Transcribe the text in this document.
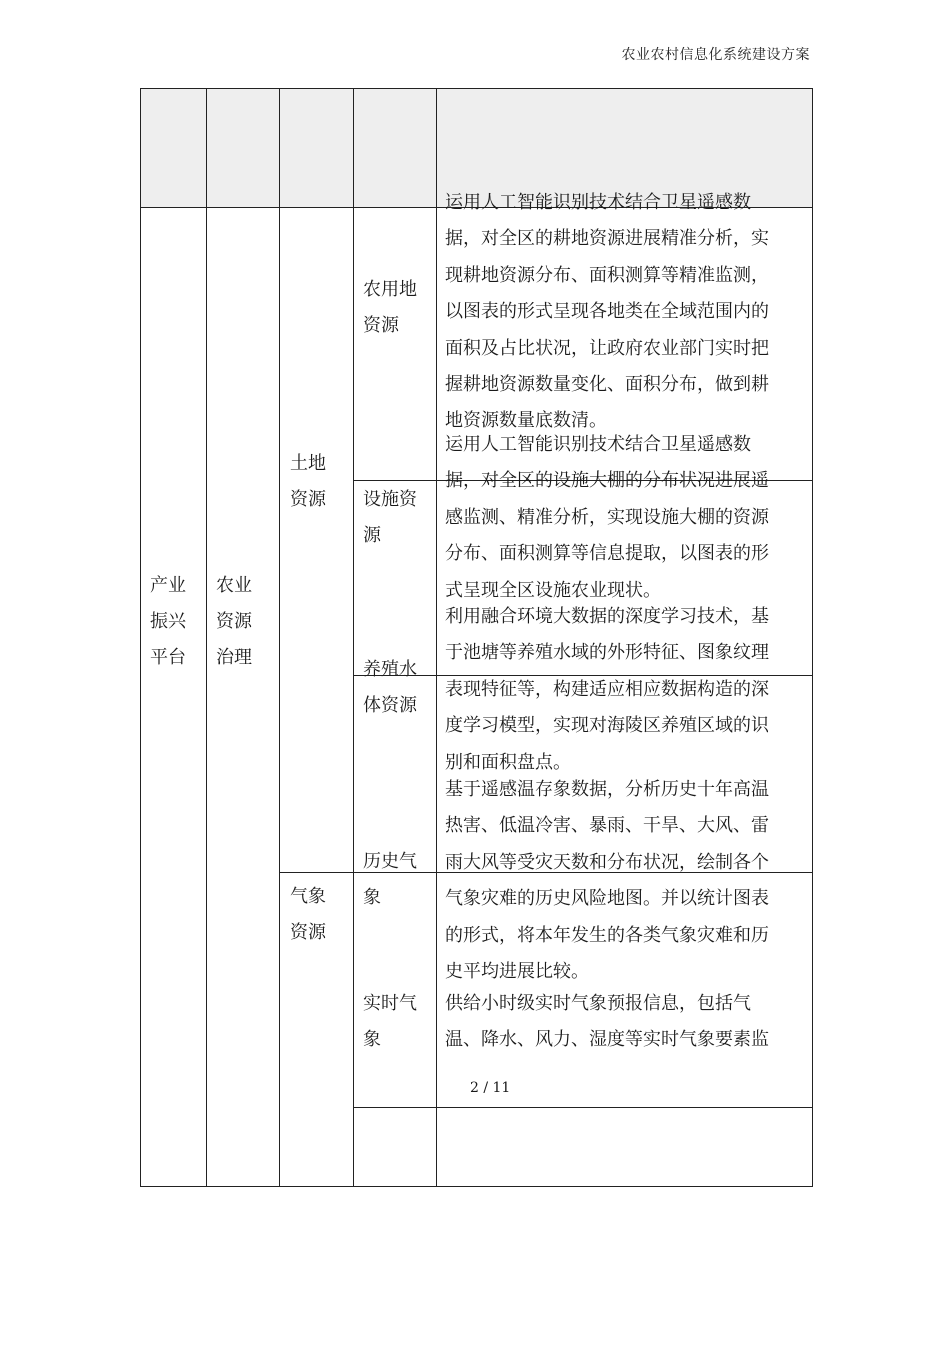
农业农村信息化系统建设方案
产业
振兴
平台
农业
资源
治理
土地
资源
气象
资源
农用地
资源
设施资
源
养殖水
体资源
历史气
象
实时气
象
运用人工智能识别技术结合卫星遥感数
据，对全区的耕地资源进展精准分析，实
现耕地资源分布、面积测算等精准监测，
以图表的形式呈现各地类在全域范围内的
面积及占比状况，让政府农业部门实时把
握耕地资源数量变化、面积分布，做到耕
地资源数量底数清。
运用人工智能识别技术结合卫星遥感数
据，对全区的设施大棚的分布状况进展遥
感监测、精准分析，实现设施大棚的资源
分布、面积测算等信息提取，以图表的形
式呈现全区设施农业现状。
利用融合环境大数据的深度学习技术，基
于池塘等养殖水域的外形特征、图象纹理
表现特征等，构建适应相应数据构造的深
度学习模型，实现对海陵区养殖区域的识
别和面积盘点。
基于遥感温存象数据，分析历史十年高温
热害、低温冷害、暴雨、干旱、大风、雷
雨大风等受灾天数和分布状况，绘制各个
气象灾难的历史风险地图。并以统计图表
的形式，将本年发生的各类气象灾难和历
史平均进展比较。
供给小时级实时气象预报信息，包括气
温、降水、风力、湿度等实时气象要素监
2 / 11
